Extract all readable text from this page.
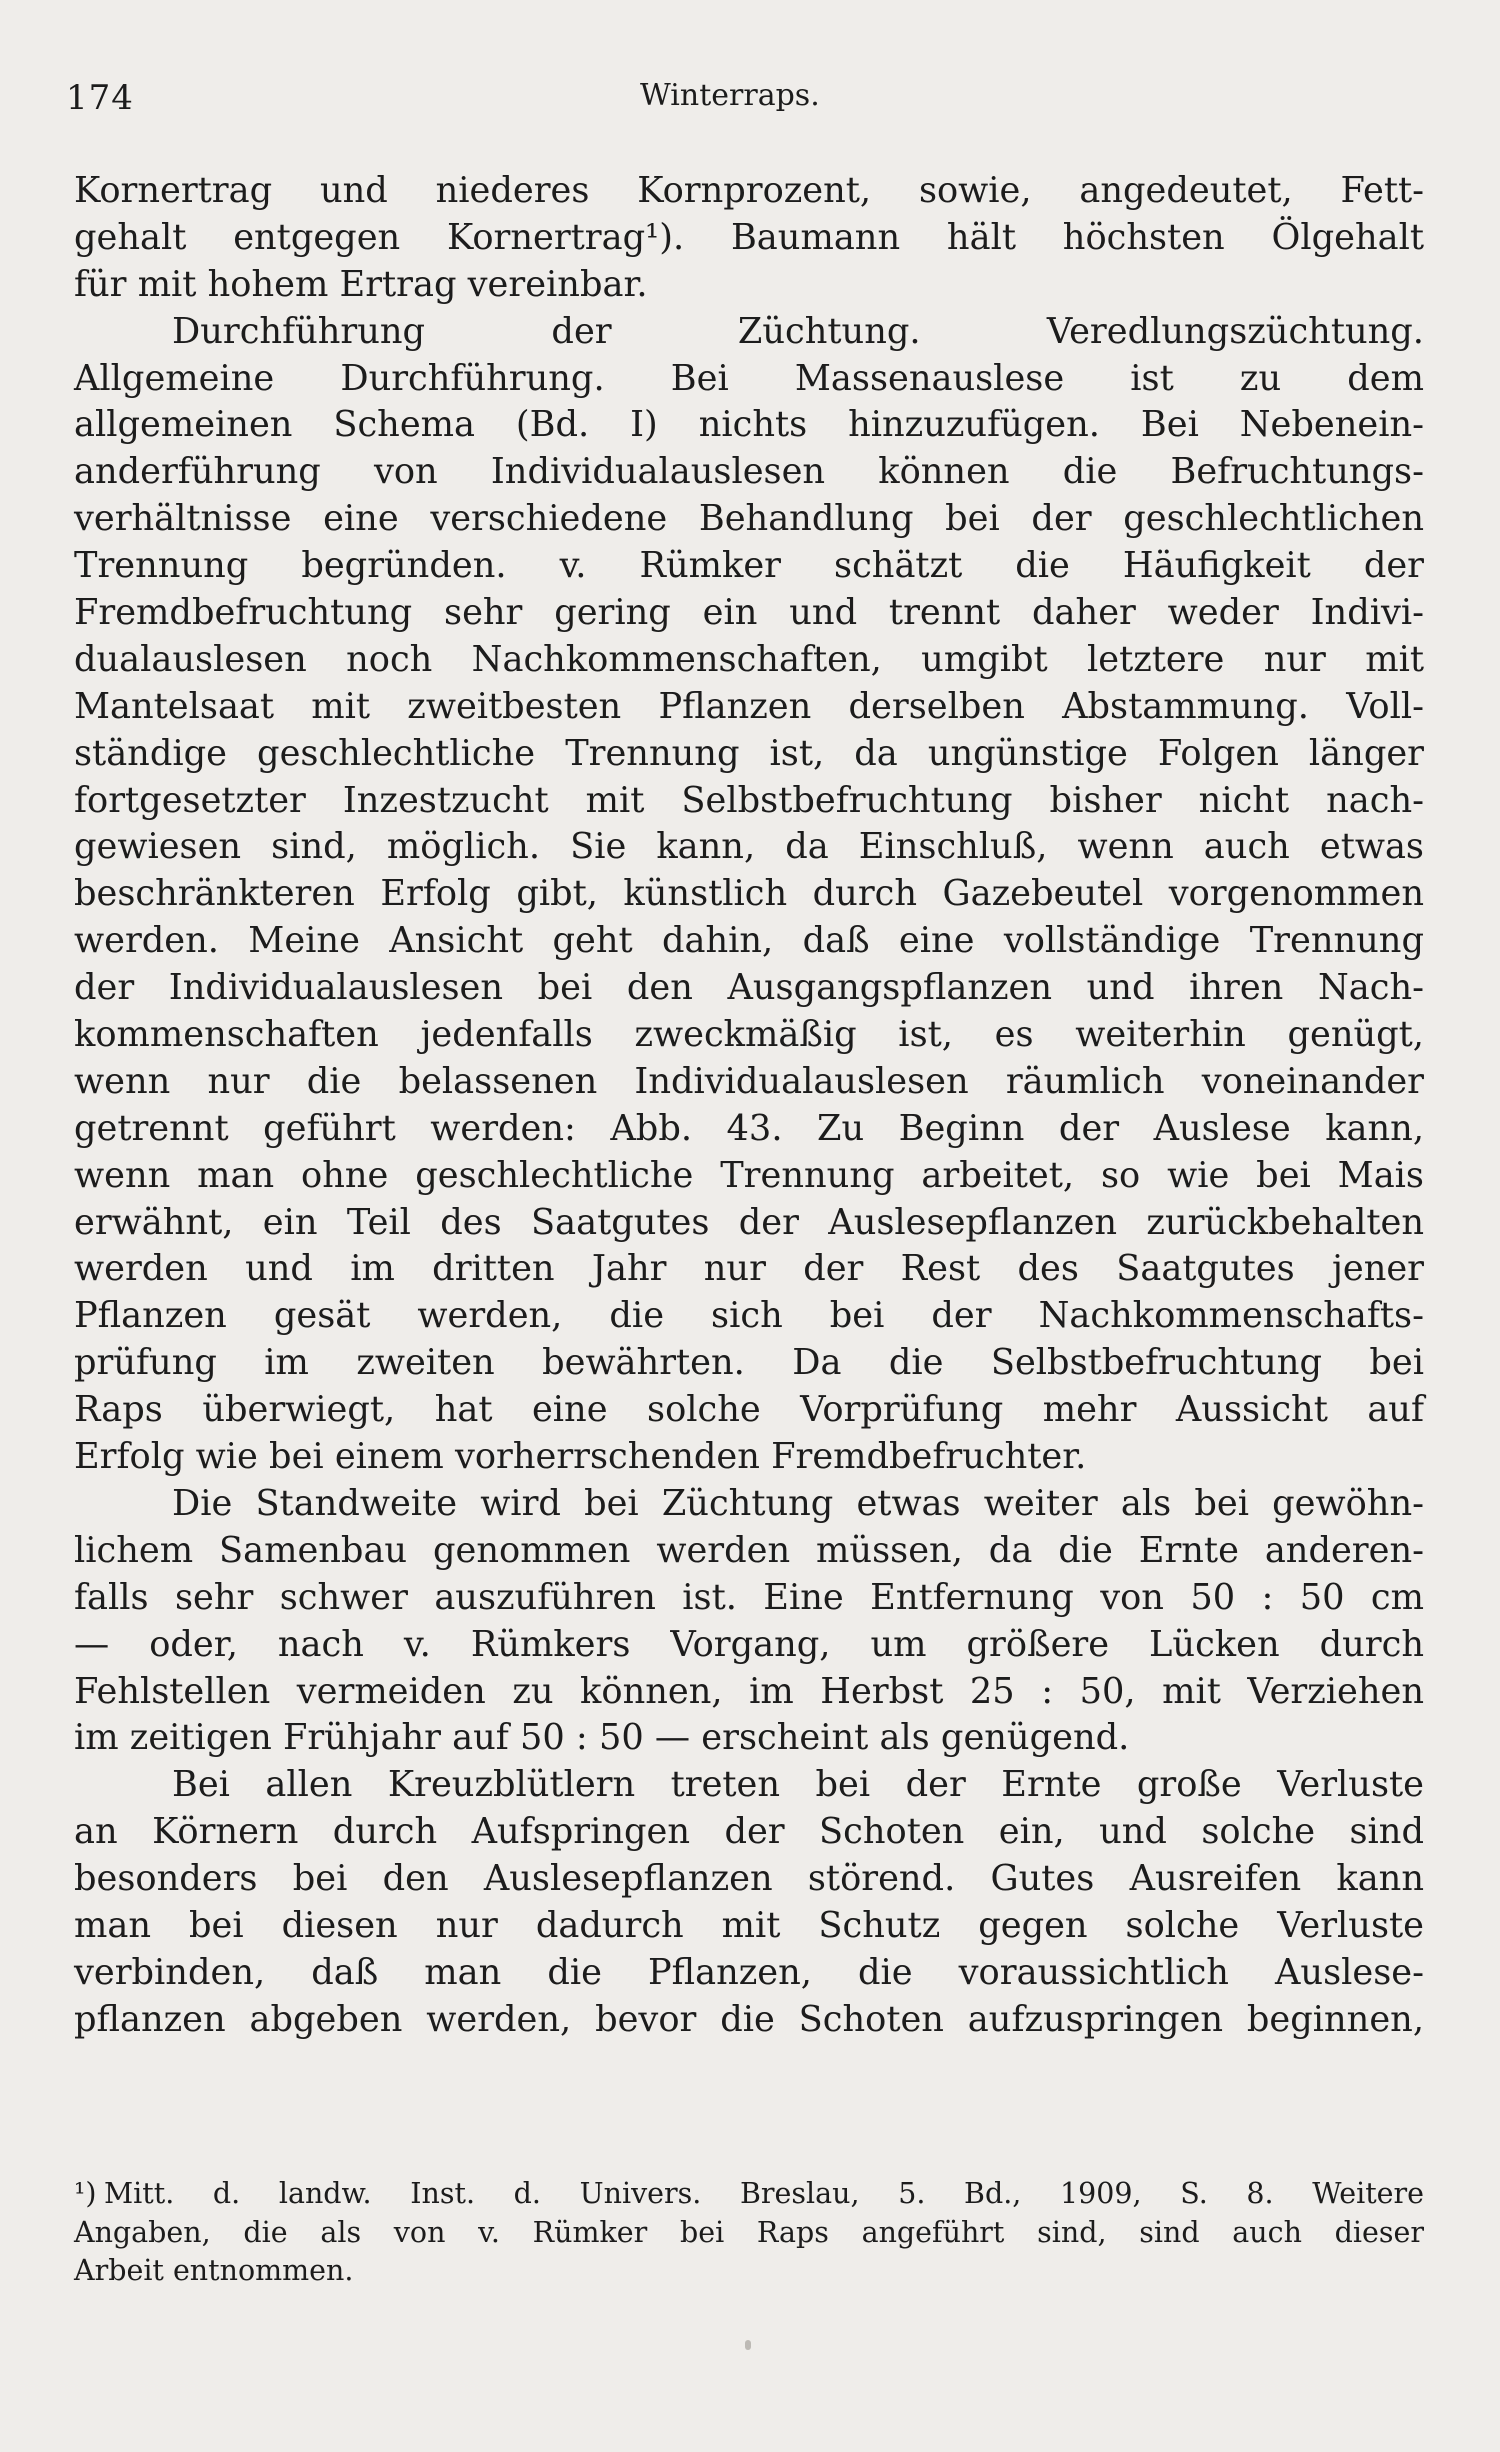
174	Winterraps.
Kornertrag und niederes Kornprozent, sowie, angedeutet, Fett-
gehalt entgegen Kornertrag¹). Baumann hält höchsten Ölgehalt
für mit hohem Ertrag vereinbar.
Durchführung der Züchtung. Veredlungszüchtung.
Allgemeine Durchführung. Bei Massenauslese ist zu dem
allgemeinen Schema (Bd. I) nichts hinzuzufügen. Bei Nebenein-
anderführung von Individualauslesen können die Befruchtungs-
verhältnisse eine verschiedene Behandlung bei der geschlechtlichen
Trennung begründen. v. Rümker schätzt die Häufigkeit der
Fremdbefruchtung sehr gering ein und trennt daher weder Indivi-
dualauslesen noch Nachkommenschaften, umgibt letztere nur mit
Mantelsaat mit zweitbesten Pflanzen derselben Abstammung. Voll-
ständige geschlechtliche Trennung ist, da ungünstige Folgen länger
fortgesetzter Inzestzucht mit Selbstbefruchtung bisher nicht nach-
gewiesen sind, möglich. Sie kann, da Einschluß, wenn auch etwas
beschränkteren Erfolg gibt, künstlich durch Gazebeutel vorgenommen
werden. Meine Ansicht geht dahin, daß eine vollständige Trennung
der Individualauslesen bei den Ausgangspflanzen und ihren Nach-
kommenschaften jedenfalls zweckmäßig ist, es weiterhin genügt,
wenn nur die belassenen Individualauslesen räumlich voneinander
getrennt geführt werden: Abb. 43. Zu Beginn der Auslese kann,
wenn man ohne geschlechtliche Trennung arbeitet, so wie bei Mais
erwähnt, ein Teil des Saatgutes der Auslesepflanzen zurückbehalten
werden und im dritten Jahr nur der Rest des Saatgutes jener
Pflanzen gesät werden, die sich bei der Nachkommenschafts-
prüfung im zweiten bewährten. Da die Selbstbefruchtung bei
Raps überwiegt, hat eine solche Vorprüfung mehr Aussicht auf
Erfolg wie bei einem vorherrschenden Fremdbefruchter.
Die Standweite wird bei Züchtung etwas weiter als bei gewöhn-
lichem Samenbau genommen werden müssen, da die Ernte anderen-
falls sehr schwer auszuführen ist. Eine Entfernung von 50 : 50 cm
— oder, nach v. Rümkers Vorgang, um größere Lücken durch
Fehlstellen vermeiden zu können, im Herbst 25 : 50, mit Verziehen
im zeitigen Frühjahr auf 50 : 50 — erscheint als genügend.
Bei allen Kreuzblütlern treten bei der Ernte große Verluste
an Körnern durch Aufspringen der Schoten ein, und solche sind
besonders bei den Auslesepflanzen störend. Gutes Ausreifen kann
man bei diesen nur dadurch mit Schutz gegen solche Verluste
verbinden, daß man die Pflanzen, die voraussichtlich Auslese-
pflanzen abgeben werden, bevor die Schoten aufzuspringen beginnen,
¹) Mitt. d. landw. Inst. d. Univers. Breslau, 5. Bd., 1909, S. 8. Weitere
Angaben, die als von v. Rümker bei Raps angeführt sind, sind auch dieser
Arbeit entnommen.
